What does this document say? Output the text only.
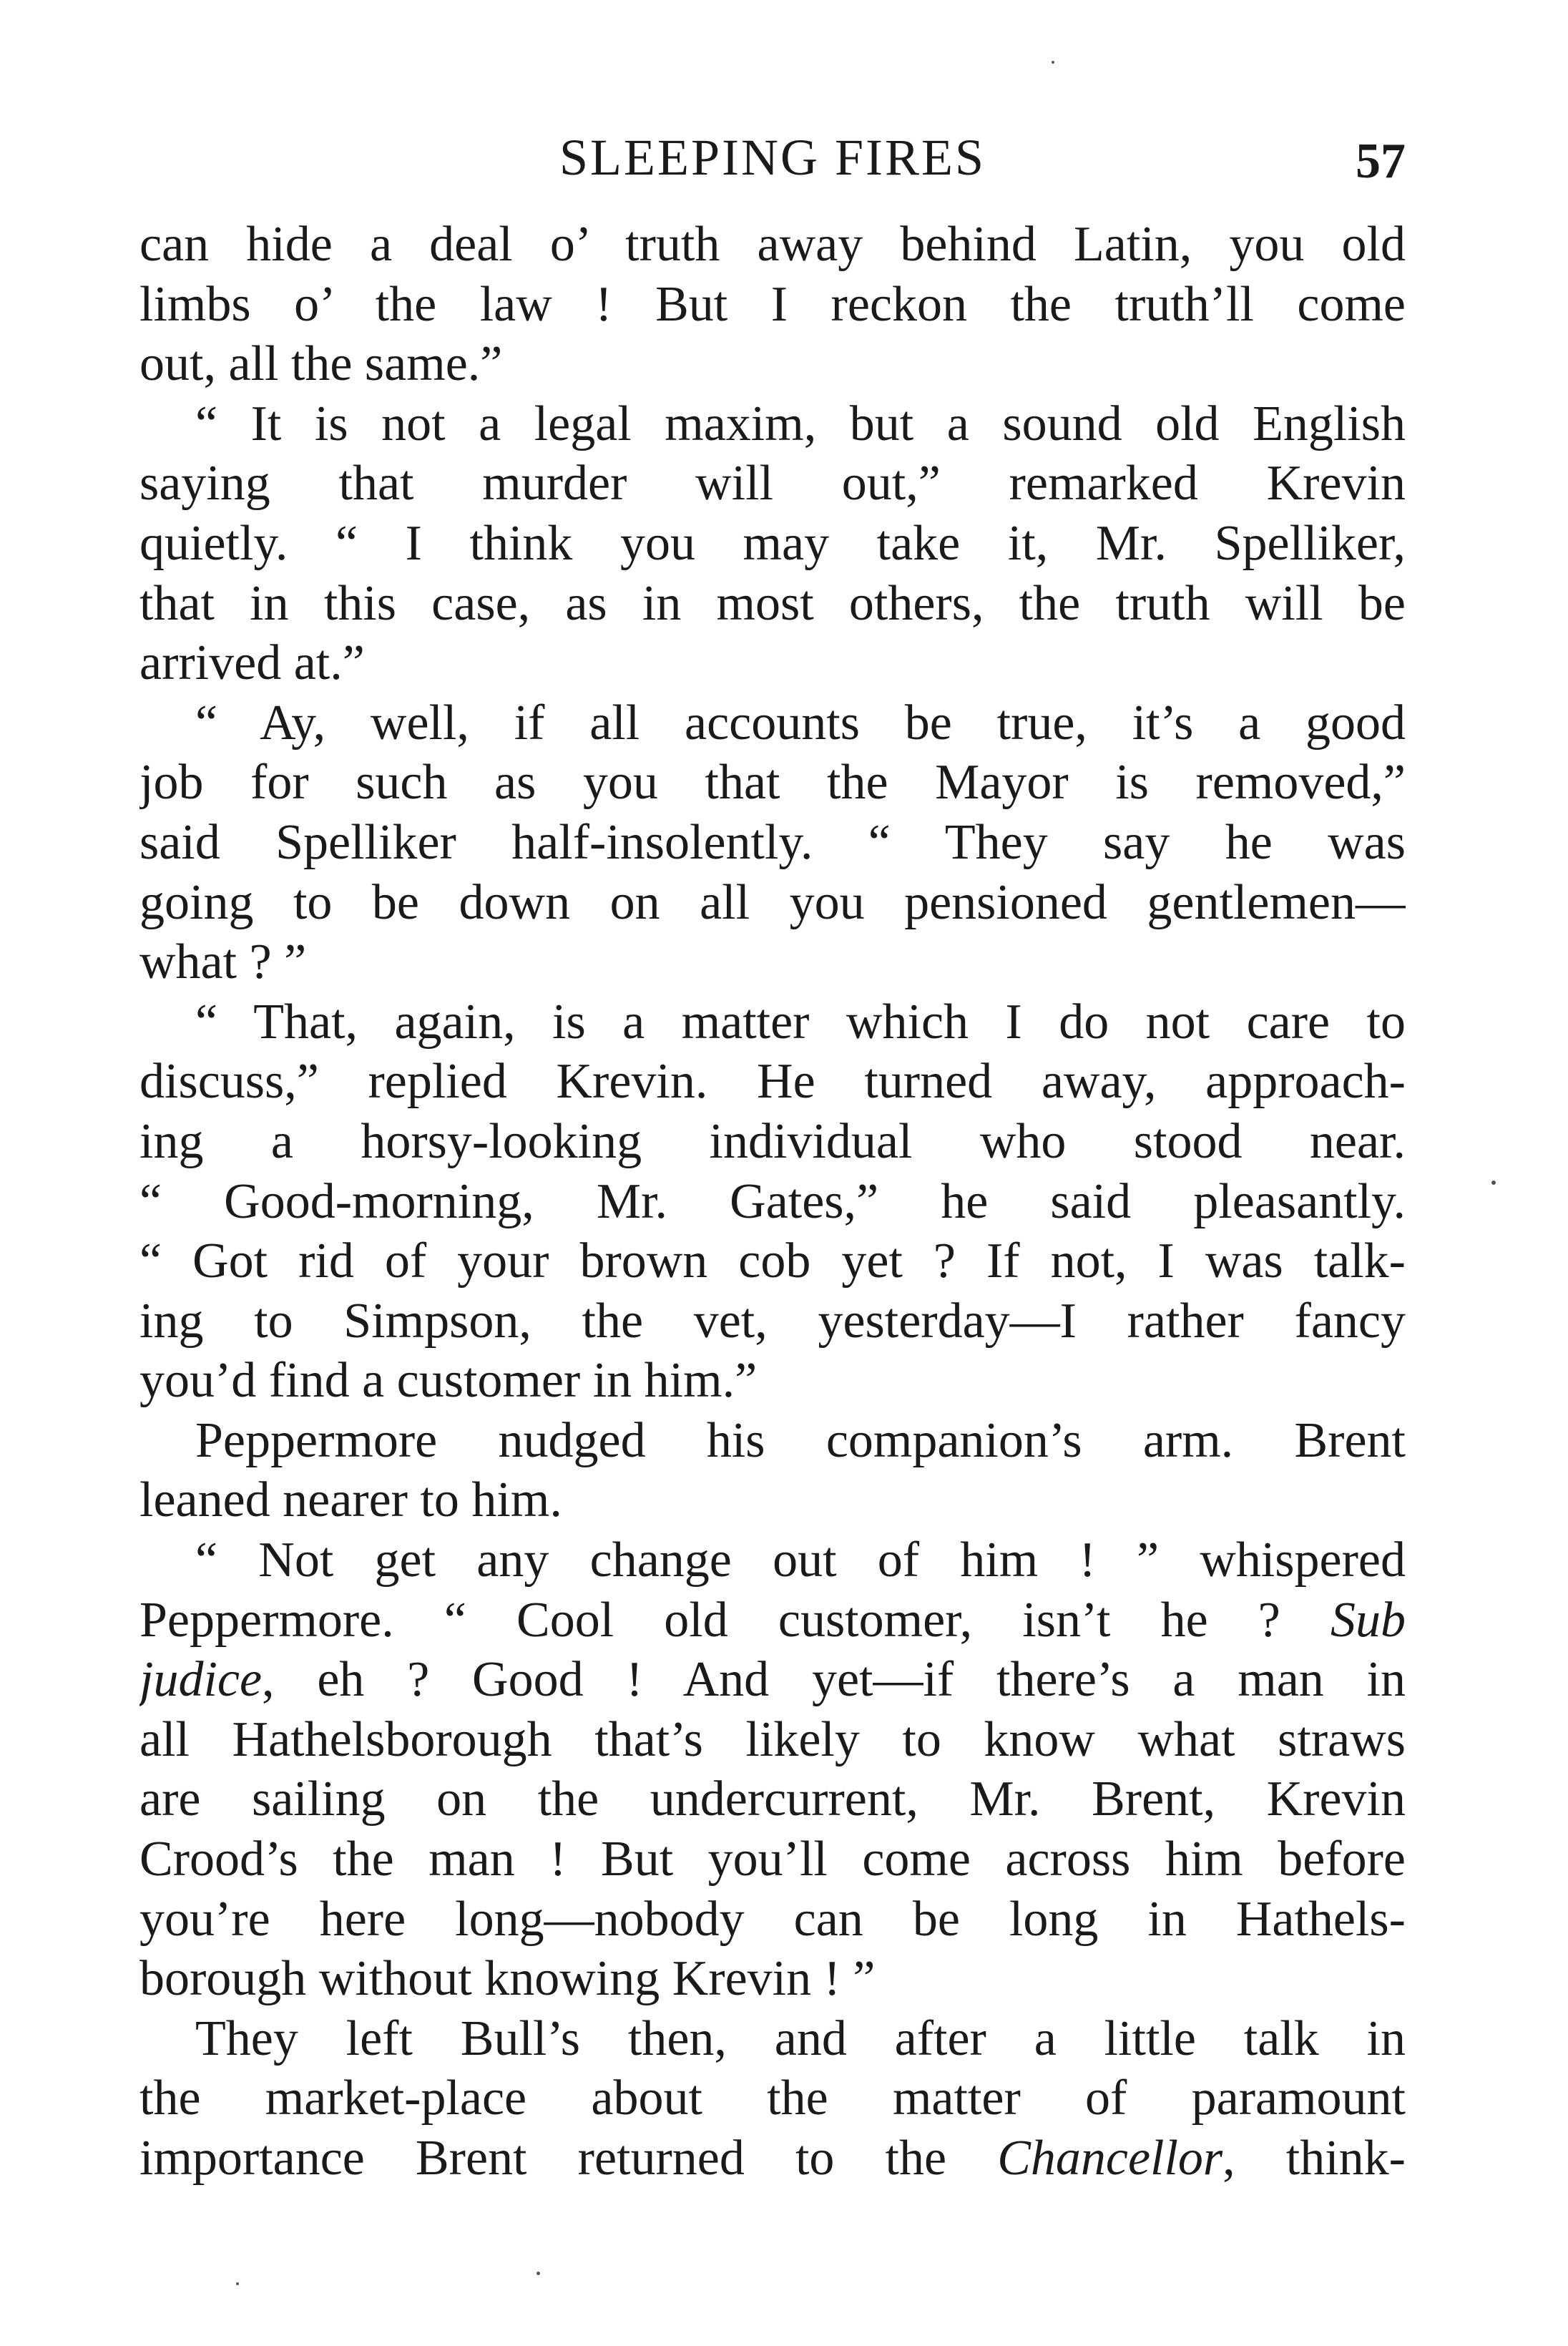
SLEEPING FIRES	57
can hide a deal o’ truth away behind Latin, you old
limbs o’ the law ! But I reckon the truth’ll come
out, all the same.”
“ It is not a legal maxim, but a sound old English
saying that murder will out,” remarked Krevin
quietly. “ I think you may take it, Mr. Spelliker,
that in this case, as in most others, the truth will be
arrived at.”
“ Ay, well, if all accounts be true, it’s a good
job for such as you that the Mayor is removed,”
said Spelliker half-insolently. “ They say he was
going to be down on all you pensioned gentlemen—
what ? ”
“ That, again, is a matter which I do not care to
discuss,” replied Krevin. He turned away, approach-
ing a horsy-looking individual who stood near.
“ Good-morning, Mr. Gates,” he said pleasantly.
“ Got rid of your brown cob yet ? If not, I was talk-
ing to Simpson, the vet, yesterday—I rather fancy
you’d find a customer in him.”
Peppermore nudged his companion’s arm. Brent
leaned nearer to him.
“ Not get any change out of him ! ” whispered
Peppermore. “ Cool old customer, isn’t he ? Sub
judice, eh ? Good ! And yet—if there’s a man in
all Hathelsborough that’s likely to know what straws
are sailing on the undercurrent, Mr. Brent, Krevin
Crood’s the man ! But you’ll come across him before
you’re here long—nobody can be long in Hathels-
borough without knowing Krevin ! ”
They left Bull’s then, and after a little talk in
the market-place about the matter of paramount
importance Brent returned to the Chancellor, think-
